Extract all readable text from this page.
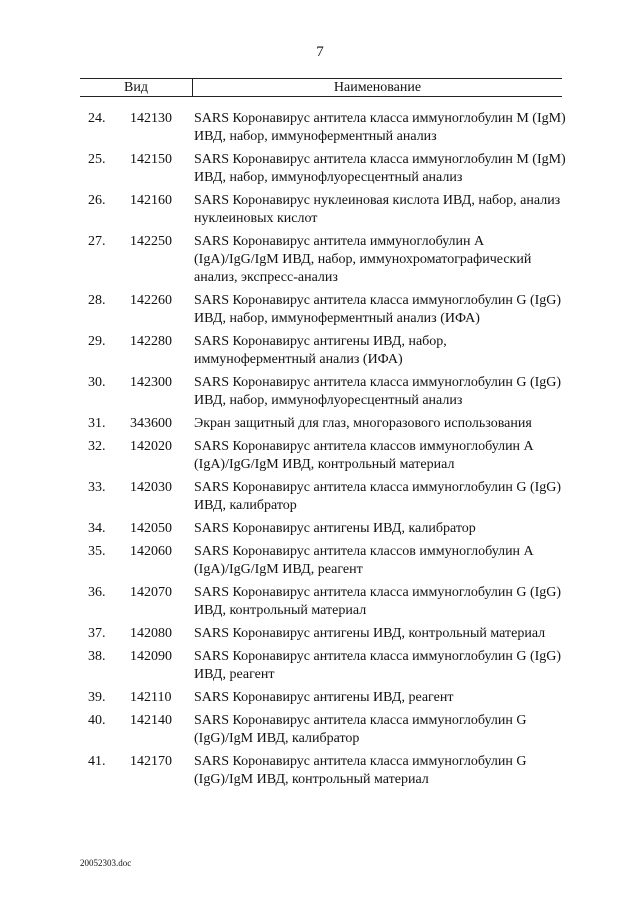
7
Вид	Наименование
24.	142130	SARS Коронавирус антитела класса иммуноглобулин M (IgM) ИВД, набор, иммуноферментный анализ
25.	142150	SARS Коронавирус антитела класса иммуноглобулин M (IgM) ИВД, набор, иммунофлуоресцентный анализ
26.	142160	SARS Коронавирус нуклеиновая кислота ИВД, набор, анализ нуклеиновых кислот
27.	142250	SARS Коронавирус антитела иммуноглобулин A (IgA)/IgG/IgM ИВД, набор, иммунохроматографический анализ, экспресс-анализ
28.	142260	SARS Коронавирус антитела класса иммуноглобулин G (IgG) ИВД, набор, иммуноферментный анализ (ИФА)
29.	142280	SARS Коронавирус антигены ИВД, набор, иммуноферментный анализ (ИФА)
30.	142300	SARS Коронавирус антитела класса иммуноглобулин G (IgG) ИВД, набор, иммунофлуоресцентный анализ
31.	343600	Экран защитный для глаз, многоразового использования
32.	142020	SARS Коронавирус антитела классов иммуноглобулин A (IgA)/IgG/IgM ИВД, контрольный материал
33.	142030	SARS Коронавирус антитела класса иммуноглобулин G (IgG) ИВД, калибратор
34.	142050	SARS Коронавирус антигены ИВД, калибратор
35.	142060	SARS Коронавирус антитела классов иммуноглобулин A (IgA)/IgG/IgM ИВД, реагент
36.	142070	SARS Коронавирус антитела класса иммуноглобулин G (IgG) ИВД, контрольный материал
37.	142080	SARS Коронавирус антигены ИВД, контрольный материал
38.	142090	SARS Коронавирус антитела класса иммуноглобулин G (IgG) ИВД, реагент
39.	142110	SARS Коронавирус антигены ИВД, реагент
40.	142140	SARS Коронавирус антитела класса иммуноглобулин G (IgG)/IgM ИВД, калибратор
41.	142170	SARS Коронавирус антитела класса иммуноглобулин G (IgG)/IgM ИВД, контрольный материал
20052303.doc
